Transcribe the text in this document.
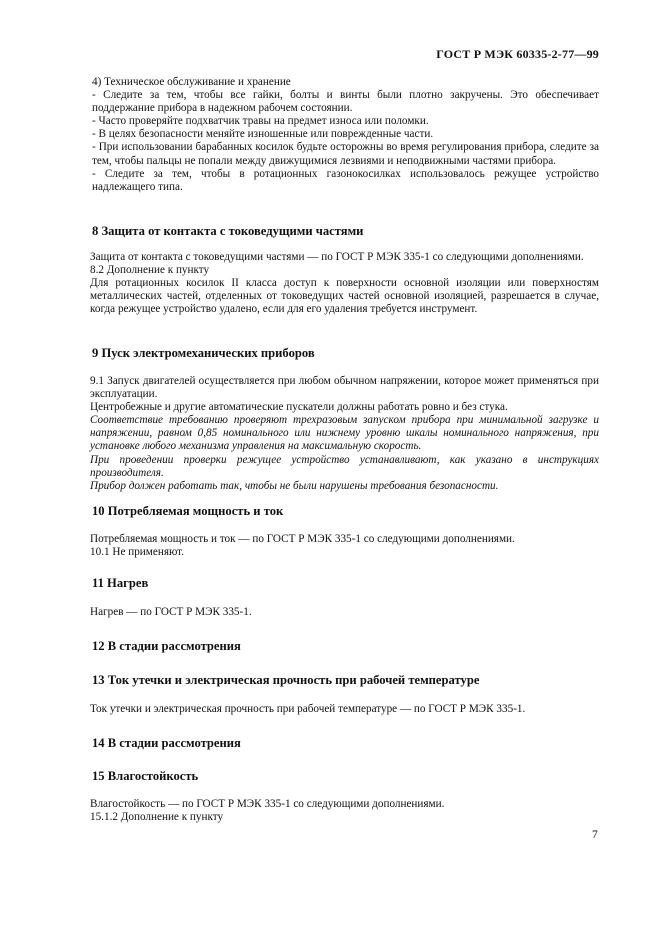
ГОСТ Р МЭК 60335-2-77—99

4) Техническое обслуживание и хранение

- Следите за тем, чтобы все гайки, болты и винты были плотно закручены. Это обеспечивает поддержание прибора в надежном рабочем состоянии.

- Часто проверяйте подхватчик травы на предмет износа или поломки.

- В целях безопасности меняйте изношенные или поврежденные части.

- При использовании барабанных косилок будьте осторожны во время регулирования прибора, следите за тем, чтобы пальцы не попали между движущимися лезвиями и неподвижными частями прибора.

- Следите за тем, чтобы в ротационных газонокосилках использовалось режущее устройство надлежащего типа.

8 Защита от контакта с токоведущими частями

Защита от контакта с токоведущими частями — по ГОСТ Р МЭК 335-1 со следующими дополнениями.

8.2 Дополнение к пункту

Для ротационных косилок II класса доступ к поверхности основной изоляции или поверхностям металлических частей, отделенных от токоведущих частей основной изоляцией, разрешается в случае, когда режущее устройство удалено, если для его удаления требуется инструмент.

9 Пуск электромеханических приборов

9.1 Запуск двигателей осуществляется при любом обычном напряжении, которое может применяться при эксплуатации.

Центробежные и другие автоматические пускатели должны работать ровно и без стука.

Соответствие требованию проверяют трехразовым запуском прибора при минимальной загрузке и напряжении, равном 0,85 номинального или нижнему уровню шкалы номинального напряжения, при установке любого механизма управления на максимальную скорость.

При проведении проверки режущее устройство устанавливают, как указано в инструкциях производителя.

Прибор должен работать так, чтобы не были нарушены требования безопасности.

10 Потребляемая мощность и ток

Потребляемая мощность и ток — по ГОСТ Р МЭК 335-1 со следующими дополнениями.

10.1 Не применяют.

11 Нагрев

Нагрев — по ГОСТ Р МЭК 335-1.

12 В стадии рассмотрения
13 Ток утечки и электрическая прочность при рабочей температуре

Ток утечки и электрическая прочность при рабочей температуре — по ГОСТ Р МЭК 335-1.

14 В стадии рассмотрения
15 Влагостойкость

Влагостойкость — по ГОСТ Р МЭК 335-1 со следующими дополнениями.

15.1.2 Дополнение к пункту

7
